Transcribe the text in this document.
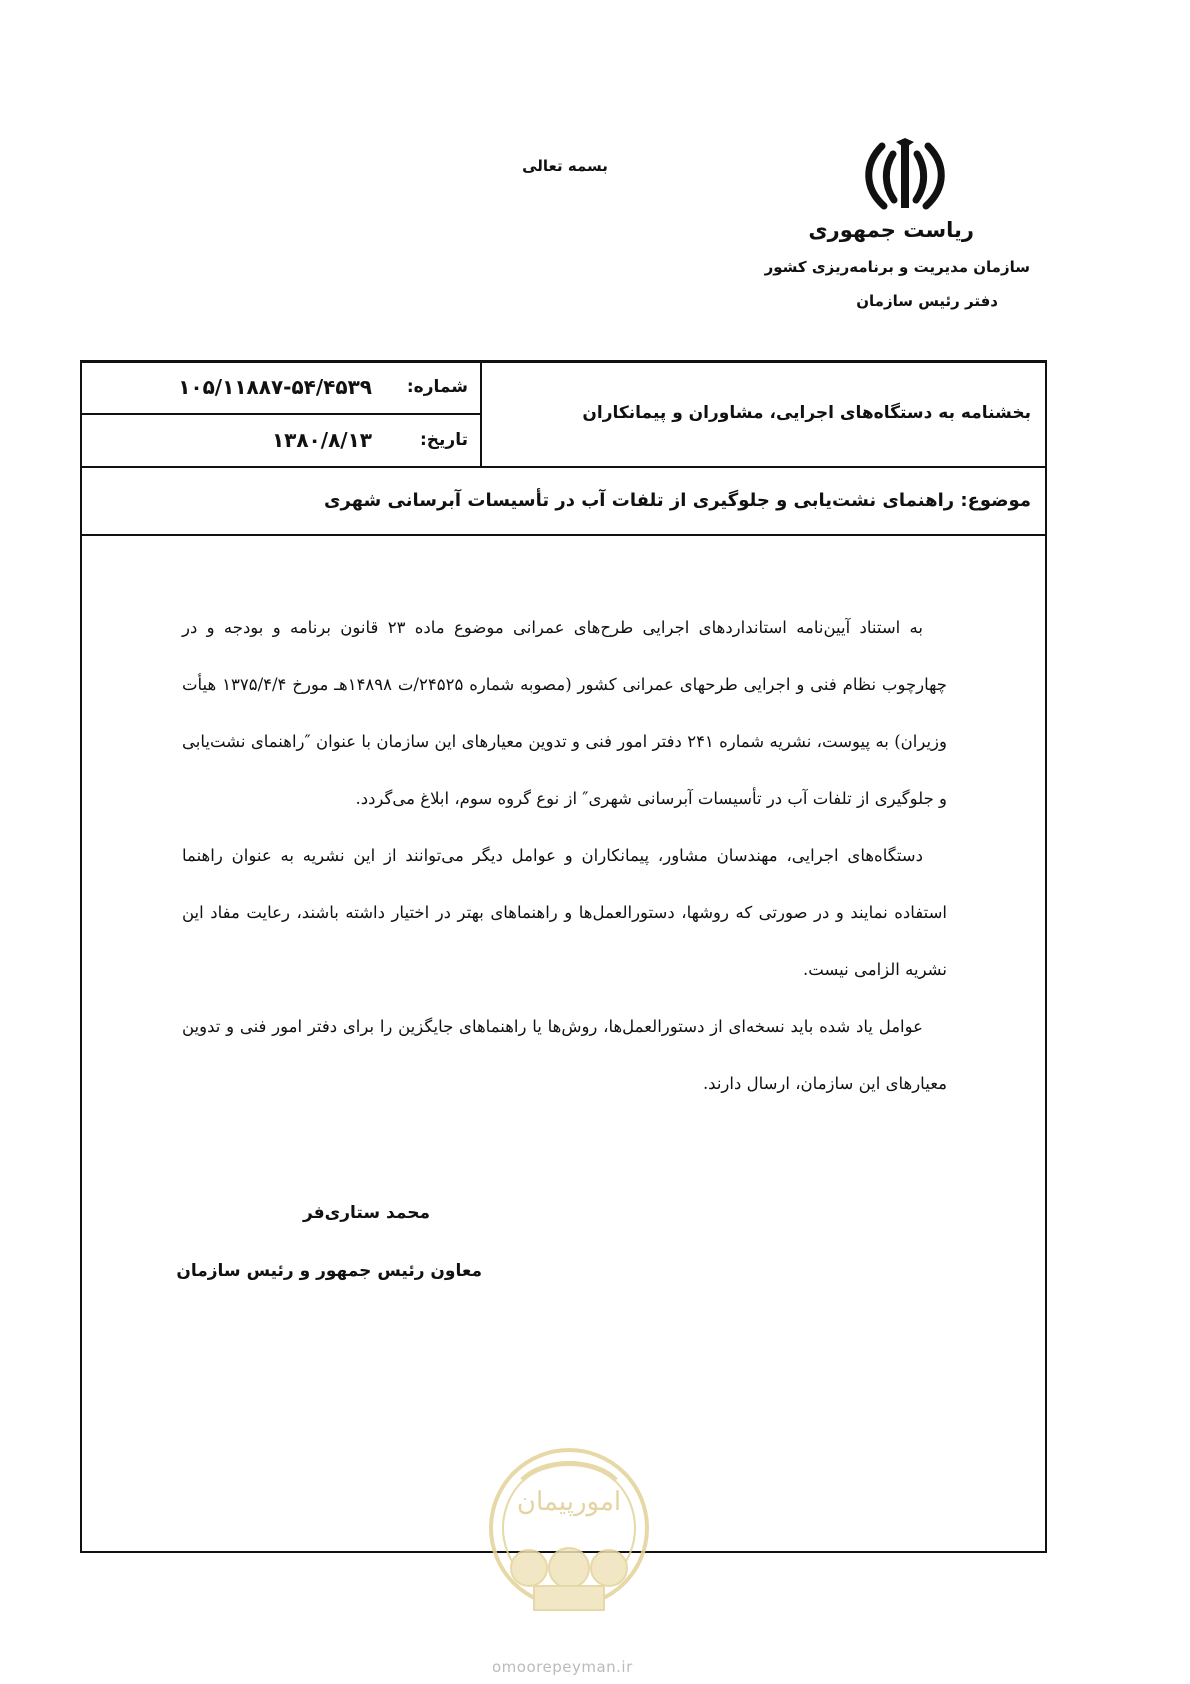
بسمه تعالی
ریاست جمهوری
سازمان مدیریت و برنامه‌ریزی کشور
دفتر رئیس سازمان
شماره:
۱۰۵/۱۱۸۸۷-۵۴/۴۵۳۹
تاریخ:
۱۳۸۰/۸/۱۳
بخشنامه به دستگاه‌های اجرایی، مشاوران و پیمانکاران
موضوع: راهنمای نشت‌یابی و جلوگیری از تلفات آب در تأسیسات آبرسانی شهری

به استناد آیین‌نامه استانداردهای اجرایی طرح‌های عمرانی موضوع ماده ۲۳ قانون برنامه و بودجه و در چهارچوب نظام فنی و اجرایی طرحهای عمرانی کشور (مصوبه شماره ۲۴۵۲۵/ت ۱۴۸۹۸هـ مورخ ۱۳۷۵/۴/۴ هیأت وزیران) به پیوست، نشریه شماره ۲۴۱ دفتر امور فنی و تدوین معیارهای این سازمان با عنوان ″راهنمای نشت‌یابی و جلوگیری از تلفات آب در تأسیسات آبرسانی شهری″ از نوع گروه سوم، ابلاغ می‌گردد.

دستگاه‌های اجرایی، مهندسان مشاور، پیمانکاران و عوامل دیگر می‌توانند از این نشریه به عنوان راهنما استفاده نمایند و در صورتی که روشها، دستورالعمل‌ها و راهنماهای بهتر در اختیار داشته باشند، رعایت مفاد این نشریه الزامی نیست.

عوامل یاد شده باید نسخه‌ای از دستورالعمل‌ها، روش‌ها یا راهنماهای جایگزین را برای دفتر امور فنی و تدوین معیارهای این سازمان، ارسال دارند.

محمد ستاری‌فر
معاون رئیس جمهور و رئیس سازمان
امورپیمان
omoorepeyman.ir
